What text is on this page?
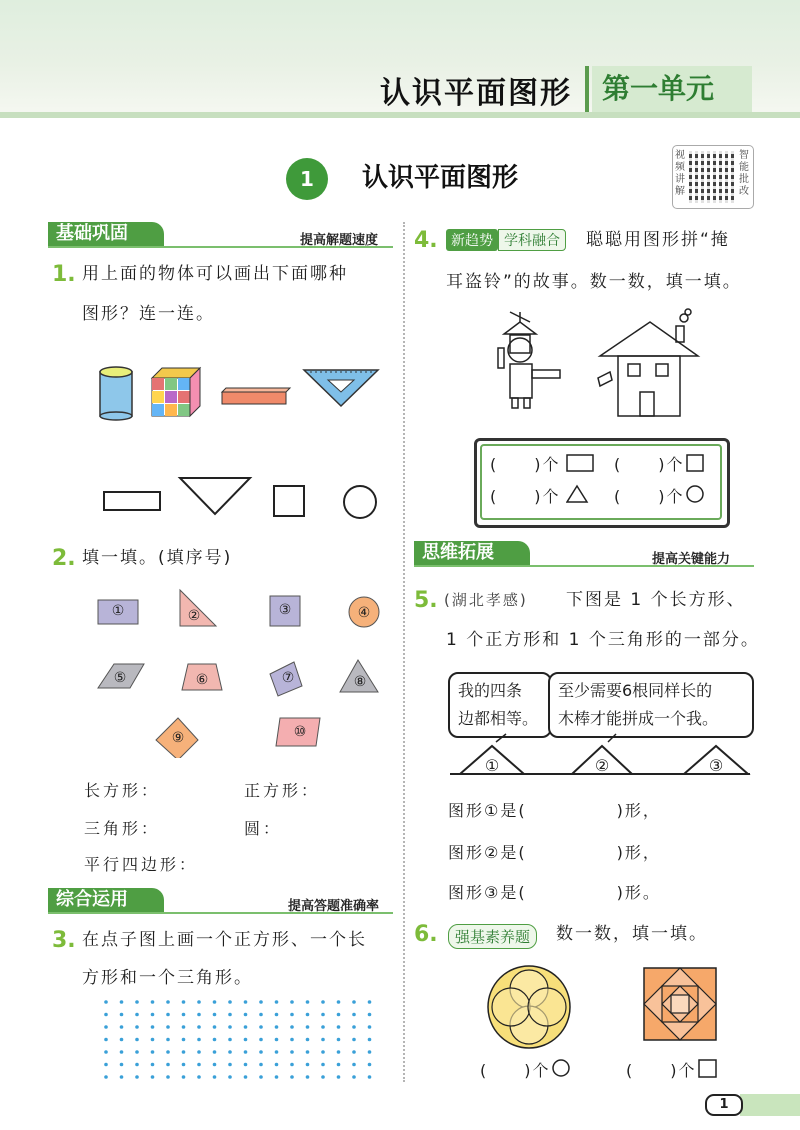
认识平面图形	第一单元
1	认识平面图形
视频讲解
智能批改
基础巩固	提高解题速度
1. 用上面的物体可以画出下面哪种
图形？连一连。
2. 填一填。(填序号)
①	②	③	④
⑤	⑥	⑦	⑧
⑨	⑩
长方形：	正方形：
三角形：	圆：
平行四边形：
综合运用	提高答题准确率
3. 在点子图上画一个正方形、一个长
方形和一个三角形。
4. 新趋势 学科融合	聪聪用图形拼“掩
耳盗铃”的故事。数一数，填一填。
(　　)个	(　　)个
(　　)个	(　　)个
思维拓展	提高关键能力
5. (湖北孝感) 下图是 1 个长方形、
1 个正方形和 1 个三角形的一部分。
我的四条
边都相等。
至少需要6根同样长的
木棒才能拼成一个我。
①	②	③
图形①是(　　　　　)形，
图形②是(　　　　　)形，
图形③是(　　　　　)形。
6.	强基素养题	数一数，填一填。
(　　)个	(　　)个
1
